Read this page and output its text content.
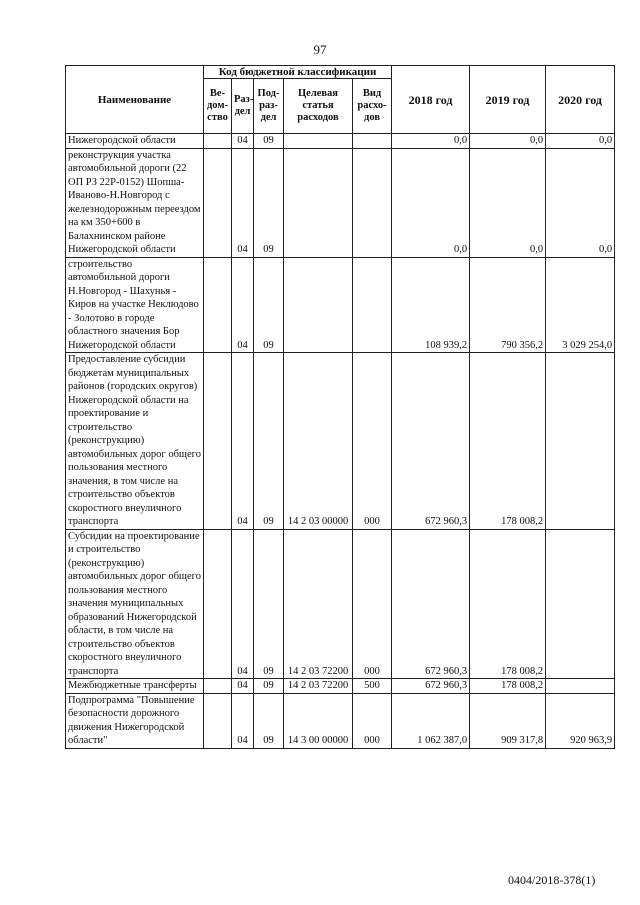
97
Наименование	Код бюджетной классификации					2018 год	2019 год	2020 год
	Ве-дом-ство	Раз-дел	Под-раз-дел	Целевая статья расходов	Вид расхо-дов			
Нижегородской области		04	09			0,0	0,0	0,0
реконструкция участка автомобильной дороги (22 ОП РЗ 22Р-0152) Шопша-Иваново-Н.Новгород с железнодорожным переездом на км 350+600 в Балахнинском районе Нижегородской области		04	09			0,0	0,0	0,0
строительство автомобильной дороги Н.Новгород - Шахунья - Киров на участке Неклюдово - Золотово в городе областного значения Бор Нижегородской области		04	09			108 939,2	790 356,2	3 029 254,0
Предоставление субсидии бюджетам муниципальных районов (городских округов) Нижегородской области на проектирование и строительство (реконструкцию) автомобильных дорог общего пользования местного значения, в том числе на строительство объектов скоростного внеуличного транспорта		04	09	14 2 03 00000	000	672 960,3	178 008,2	
Субсидии на проектирование и строительство (реконструкцию) автомобильных дорог общего пользования местного значения муниципальных образований Нижегородской области, в том числе на строительство объектов скоростного внеуличного транспорта		04	09	14 2 03 72200	000	672 960,3	178 008,2	
Межбюджетные трансферты		04	09	14 2 03 72200	500	672 960,3	178 008,2	
Подпрограмма "Повышение безопасности дорожного движения Нижегородской области"		04	09	14 3 00 00000	000	1 062 387,0	909 317,8	920 963,9
0404/2018-378(1)
